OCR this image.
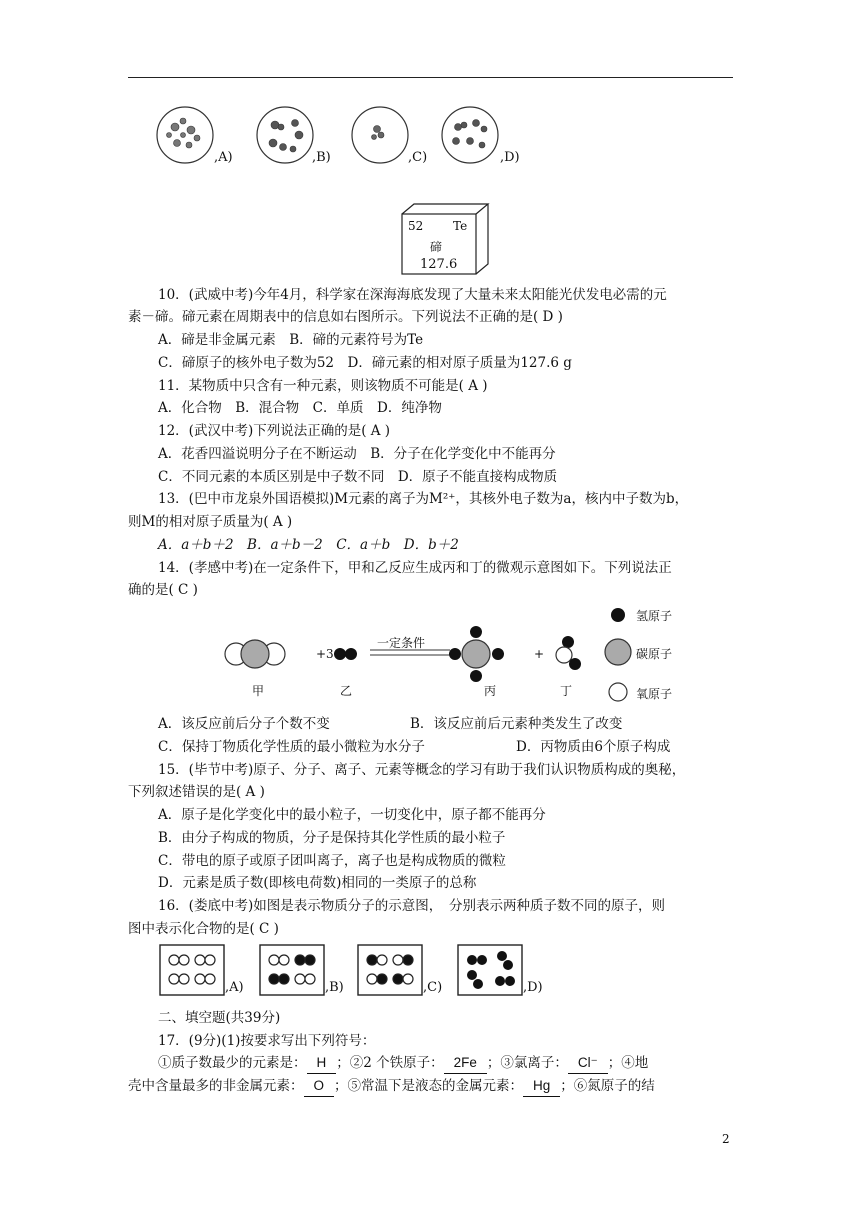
,A)	,B)	,C)	,D)
52 Te
碲
127.6
10．(武威中考)今年4月，科学家在深海海底发现了大量未来太阳能光伏发电必需的元
素－碲。碲元素在周期表中的信息如右图所示。下列说法不正确的是( D )
A．碲是非金属元素　B．碲的元素符号为Te
C．碲原子的核外电子数为52　D．碲元素的相对原子质量为127.6 g
11．某物质中只含有一种元素，则该物质不可能是( A )
A．化合物　B．混合物　C．单质　D．纯净物
12．(武汉中考)下列说法正确的是( A )
A．花香四溢说明分子在不断运动　B．分子在化学变化中不能再分
C．不同元素的本质区别是中子数不同　D．原子不能直接构成物质
13．(巴中市龙泉外国语模拟)M元素的离子为M²⁺，其核外电子数为a，核内中子数为b，
则M的相对原子质量为( A )
A．a＋b＋2　B．a＋b－2　C．a＋b　D．b＋2
14．(孝感中考)在一定条件下，甲和乙反应生成丙和丁的微观示意图如下。下列说法正
确的是( C )
+ 3	+
一定条件
甲	乙	丙	丁
氢原子
碳原子
氧原子
A．该反应前后分子个数不变	B．该反应前后元素种类发生了改变
C．保持丁物质化学性质的最小微粒为水分子	D．丙物质由6个原子构成
15．(毕节中考)原子、分子、离子、元素等概念的学习有助于我们认识物质构成的奥秘，
下列叙述错误的是( A )
A．原子是化学变化中的最小粒子，一切变化中，原子都不能再分
B．由分子构成的物质，分子是保持其化学性质的最小粒子
C．带电的原子或原子团叫离子，离子也是构成物质的微粒
D．元素是质子数(即核电荷数)相同的一类原子的总称
16．(娄底中考)如图是表示物质分子的示意图，　分别表示两种质子数不同的原子，则
图中表示化合物的是( C )
,A)	,B)	,C)	,D)
二、填空题(共39分)
17．(9分)(1)按要求写出下列符号：
①质子数最少的元素是： H ；②2 个铁原子： 2Fe ；③氯离子： Cl⁻ ；④地
壳中含量最多的非金属元素： O ；⑤常温下是液态的金属元素： Hg ；⑥氮原子的结
2
